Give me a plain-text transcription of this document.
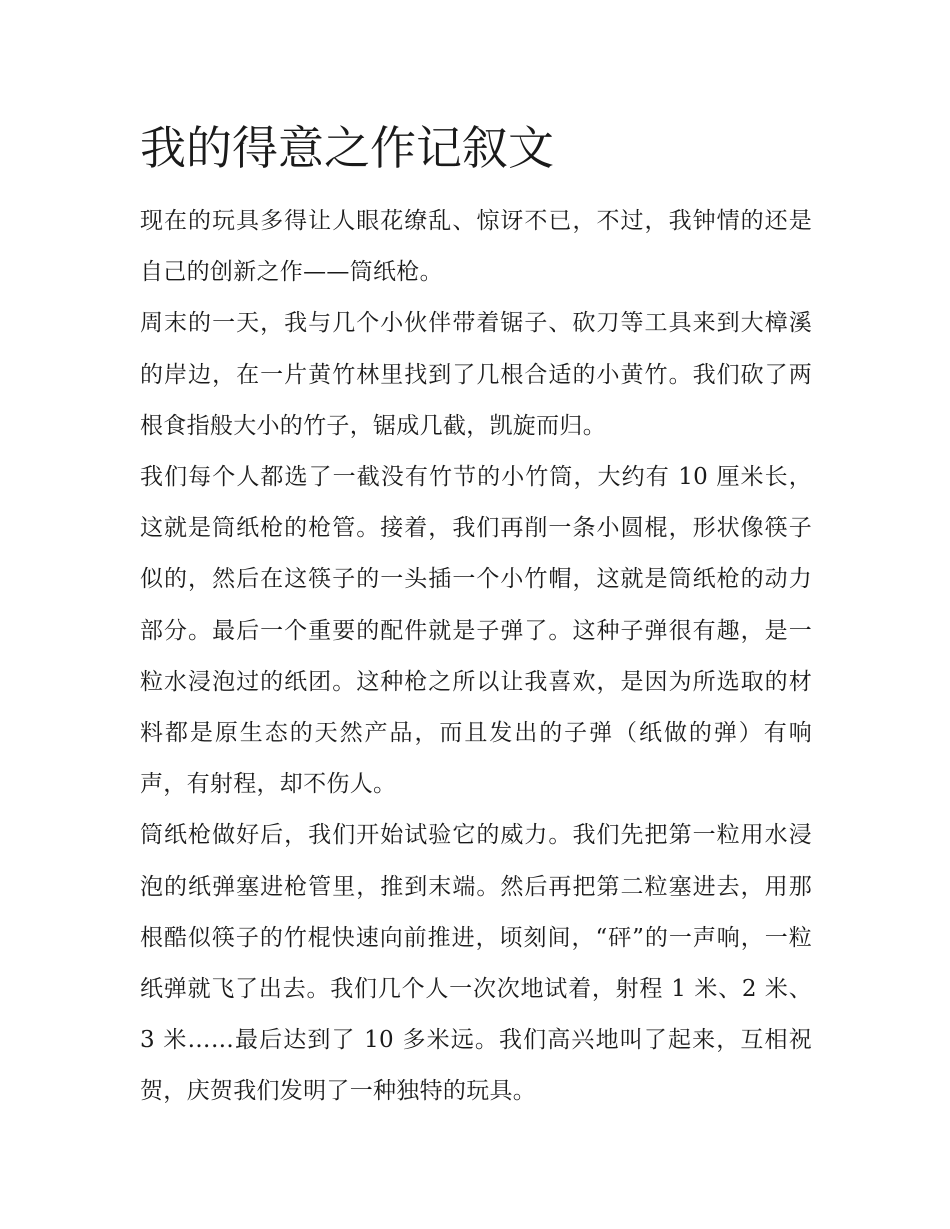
我的得意之作记叙文

现在的玩具多得让人眼花缭乱、惊讶不已，不过，我钟情的还是自己的创新之作——筒纸枪。

周末的一天，我与几个小伙伴带着锯子、砍刀等工具来到大樟溪的岸边，在一片黄竹林里找到了几根合适的小黄竹。我们砍了两根食指般大小的竹子，锯成几截，凯旋而归。

我们每个人都选了一截没有竹节的小竹筒，大约有 10 厘米长，这就是筒纸枪的枪管。接着，我们再削一条小圆棍，形状像筷子似的，然后在这筷子的一头插一个小竹帽，这就是筒纸枪的动力部分。最后一个重要的配件就是子弹了。这种子弹很有趣，是一粒水浸泡过的纸团。这种枪之所以让我喜欢，是因为所选取的材料都是原生态的天然产品，而且发出的子弹（纸做的弹）有响声，有射程，却不伤人。

筒纸枪做好后，我们开始试验它的威力。我们先把第一粒用水浸泡的纸弹塞进枪管里，推到末端。然后再把第二粒塞进去，用那根酷似筷子的竹棍快速向前推进，顷刻间，“砰”的一声响，一粒纸弹就飞了出去。我们几个人一次次地试着，射程 1 米、2 米、3 米……最后达到了 10 多米远。我们高兴地叫了起来，互相祝贺，庆贺我们发明了一种独特的玩具。
